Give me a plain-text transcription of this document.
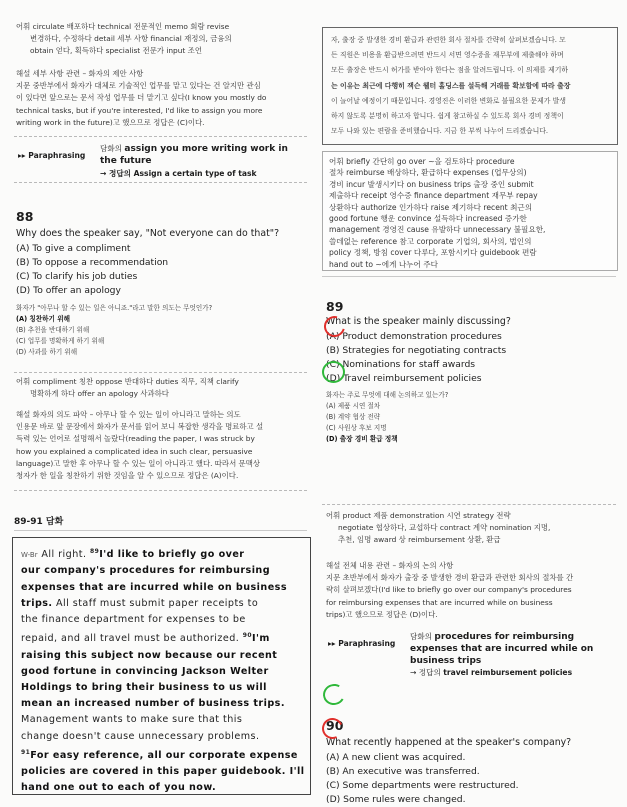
어휘 circulate 배포하다 technical 전문적인 memo 회람 revise
변경하다, 수정하다 detail 세부 사항 financial 재정의, 금융의
obtain 얻다, 획득하다 specialist 전문가 input 조언
해설 세부 사항 관련 – 화자의 제안 사항
지문 중반부에서 화자가 대체로 기술적인 업무를 맡고 있다는 건 알지만 관심
이 있다면 앞으로는 문서 작성 업무를 더 맡기고 싶다(I know you mostly do
technical tasks, but if you're interested, I'd like to assign you more
writing work in the future)고 했으므로 정답은 (C)이다.
▸▸ Paraphrasing
담화의 assign you more writing work in the future
→ 정답의 Assign a certain type of task
88
Why does the speaker say, "Not everyone can do that"?
(A) To give a compliment
(B) To oppose a recommendation
(C) To clarify his job duties
(D) To offer an apology
화자가 "아무나 할 수 있는 일은 아니죠."라고 말한 의도는 무엇인가?
(A) 칭찬하기 위해
(B) 추천을 반대하기 위해
(C) 업무를 명확하게 하기 위해
(D) 사과를 하기 위해
어휘 compliment 칭찬 oppose 반대하다 duties 직무, 직책 clarify
명확하게 하다 offer an apology 사과하다
해설 화자의 의도 파악 – 아무나 할 수 있는 일이 아니라고 말하는 의도
인용문 바로 앞 문장에서 화자가 문서를 읽어 보니 복잡한 생각을 명료하고 설
득력 있는 언어로 설명해서 놀랐다(reading the paper, I was struck by
how you explained a complicated idea in such clear, persuasive
language)고 말한 후 아무나 할 수 있는 일이 아니라고 했다. 따라서 문맥상
청자가 한 일을 칭찬하기 위한 것임을 알 수 있으므로 정답은 (A)이다.
89-91 담화
W-Br All right. $^{89}$I'd like to briefly go over
our company's procedures for reimbursing
expenses that are incurred while on business
trips. All staff must submit paper receipts to
the finance department for expenses to be
repaid, and all travel must be authorized. $^{90}$I'm
raising this subject now because our recent
good fortune in convincing Jackson Welter
Holdings to bring their business to us will
mean an increased number of business trips.
Management wants to make sure that this
change doesn't cause unnecessary problems.
$^{91}$For easy reference, all our corporate expense
policies are covered in this paper guidebook. I'll
hand one out to each of you now.
자, 출장 중 발생한 경비 환급과 관련한 회사 절차를 간략히 살펴보겠습니다. 모
든 직원은 비용을 환급받으려면 반드시 서면 영수증을 재무부에 제출해야 하며
모든 출장은 반드시 허가를 받아야 한다는 점을 알려드립니다. 이 의제를 제기하
는 이유는 최근에 다행히 잭슨 웰터 홀딩스를 설득해 거래를 확보함에 따라 출장
이 늘어날 예정이기 때문입니다. 경영진은 이러한 변화로 불필요한 문제가 발생
하지 않도록 분명히 하고자 합니다. 쉽게 참고하실 수 있도록 회사 경비 정책이
모두 나와 있는 편람을 준비했습니다. 지금 한 부씩 나누어 드리겠습니다.
어휘 briefly 간단히 go over ~을 검토하다 procedure
절차 reimburse 배상하다, 환급하다 expenses (업무상의)
경비 incur 발생시키다 on business trips 출장 중인 submit
제출하다 receipt 영수증 finance department 재무부 repay
상환하다 authorize 인가하다 raise 제기하다 recent 최근의
good fortune 행운 convince 설득하다 increased 증가한
management 경영진 cause 유발하다 unnecessary 불필요한,
쓸데없는 reference 참고 corporate 기업의, 회사의, 법인의
policy 정책, 방침 cover 다루다, 포함시키다 guidebook 편람
hand out to ~에게 나누어 주다
89
What is the speaker mainly discussing?
(A) Product demonstration procedures
(B) Strategies for negotiating contracts
(C) Nominations for staff awards
(D) Travel reimbursement policies
화자는 주로 무엇에 대해 논의하고 있는가?
(A) 제품 시연 절차
(B) 계약 협상 전략
(C) 사원상 후보 지명
(D) 출장 경비 환급 정책
어휘 product 제품 demonstration 시연 strategy 전략
negotiate 협상하다, 교섭하다 contract 계약 nomination 지명,
추천, 임명 award 상 reimbursement 상환, 환급
해설 전체 내용 관련 – 화자의 논의 사항
지문 초반부에서 화자가 출장 중 발생한 경비 환급과 관련한 회사의 절차를 간
략히 살펴보겠다(I'd like to briefly go over our company's procedures
for reimbursing expenses that are incurred while on business
trips)고 했으므로 정답은 (D)이다.
▸▸ Paraphrasing
담화의 procedures for reimbursing expenses that are incurred while on business trips
→ 정답의 travel reimbursement policies
90
What recently happened at the speaker's company?
(A) A new client was acquired.
(B) An executive was transferred.
(C) Some departments were restructured.
(D) Some rules were changed.
